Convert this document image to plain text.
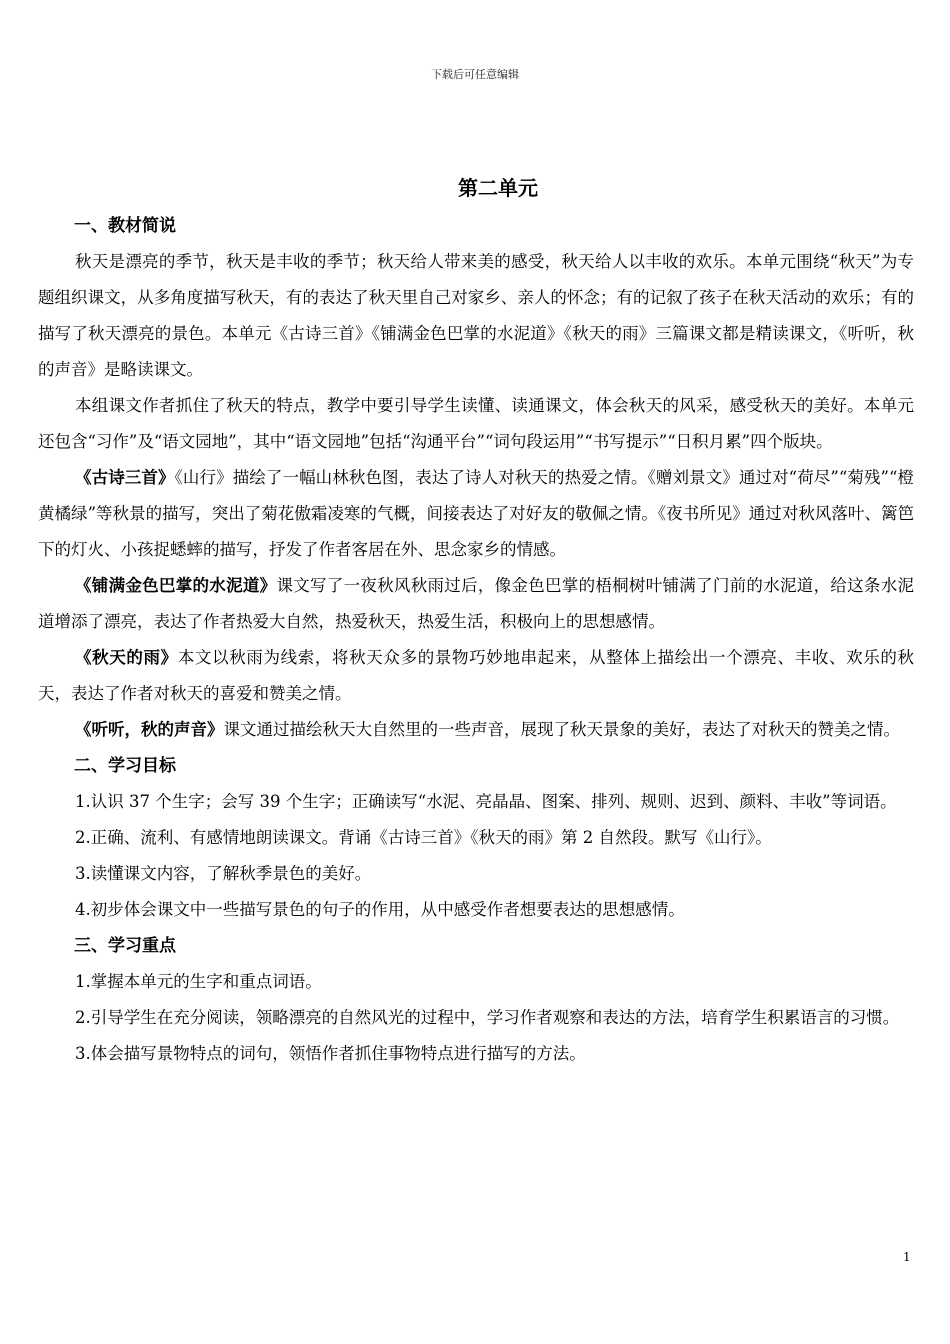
下载后可任意编辑
第二单元
一、教材简说

秋天是漂亮的季节，秋天是丰收的季节；秋天给人带来美的感受，秋天给人以丰收的欢乐。本单元围绕“秋天”为专题组织课文，从多角度描写秋天，有的表达了秋天里自己对家乡、亲人的怀念；有的记叙了孩子在秋天活动的欢乐；有的描写了秋天漂亮的景色。本单元《古诗三首》《铺满金色巴掌的水泥道》《秋天的雨》三篇课文都是精读课文，《听听，秋的声音》是略读课文。

本组课文作者抓住了秋天的特点，教学中要引导学生读懂、读通课文，体会秋天的风采，感受秋天的美好。本单元还包含“习作”及“语文园地”，其中“语文园地”包括“沟通平台”“词句段运用”“书写提示”“日积月累”四个版块。

《古诗三首》《山行》描绘了一幅山林秋色图，表达了诗人对秋天的热爱之情。《赠刘景文》通过对“荷尽”“菊残”“橙黄橘绿”等秋景的描写，突出了菊花傲霜凌寒的气概，间接表达了对好友的敬佩之情。《夜书所见》通过对秋风落叶、篱笆下的灯火、小孩捉蟋蟀的描写，抒发了作者客居在外、思念家乡的情感。

《铺满金色巴掌的水泥道》课文写了一夜秋风秋雨过后，像金色巴掌的梧桐树叶铺满了门前的水泥道，给这条水泥道增添了漂亮，表达了作者热爱大自然，热爱秋天，热爱生活，积极向上的思想感情。

《秋天的雨》本文以秋雨为线索，将秋天众多的景物巧妙地串起来，从整体上描绘出一个漂亮、丰收、欢乐的秋天，表达了作者对秋天的喜爱和赞美之情。

《听听，秋的声音》课文通过描绘秋天大自然里的一些声音，展现了秋天景象的美好，表达了对秋天的赞美之情。

二、学习目标

1.认识 37 个生字；会写 39 个生字；正确读写“水泥、亮晶晶、图案、排列、规则、迟到、颜料、丰收”等词语。

2.正确、流利、有感情地朗读课文。背诵《古诗三首》《秋天的雨》第 2 自然段。默写《山行》。

3.读懂课文内容，了解秋季景色的美好。

4.初步体会课文中一些描写景色的句子的作用，从中感受作者想要表达的思想感情。

三、学习重点

1.掌握本单元的生字和重点词语。

2.引导学生在充分阅读，领略漂亮的自然风光的过程中，学习作者观察和表达的方法，培育学生积累语言的习惯。

3.体会描写景物特点的词句，领悟作者抓住事物特点进行描写的方法。

1
